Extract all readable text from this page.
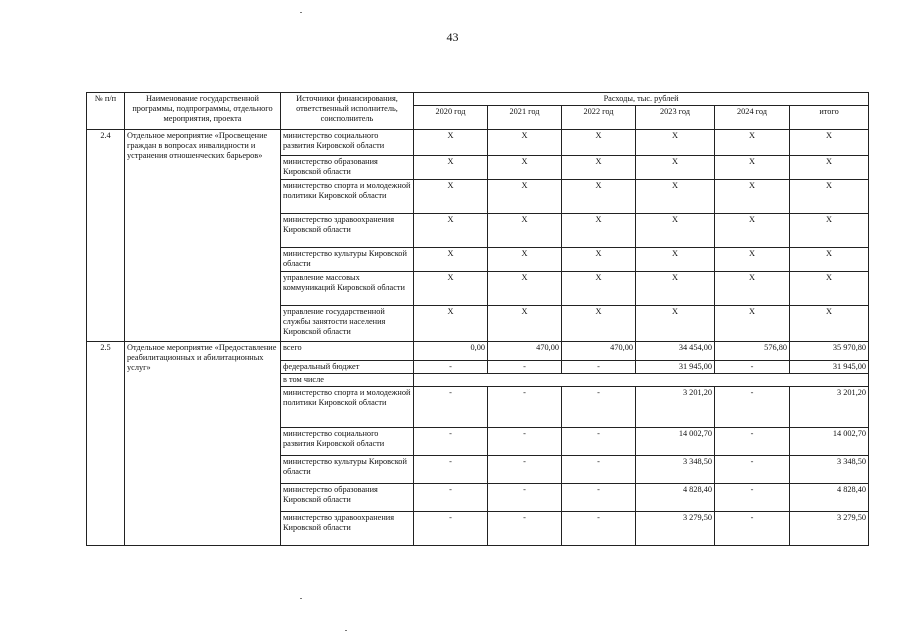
43
№ п/п	Наименование государственной программы, подпрограммы, отдельного мероприятия, проекта	Источники финансирования, ответственный исполнитель, соисполнитель	Расходы, тыс. рублей					
			2020 год	2021 год	2022 год	2023 год	2024 год	итого
2.4	Отдельное мероприятие «Просвещение граждан в вопросах инвалидности и устранения отношенческих барьеров»	министерство социального развития Кировской области	Х	Х	Х	Х	Х	Х
		министерство образования Кировской области	Х	Х	Х	Х	Х	Х
		министерство спорта и молодежной политики Кировской области	Х	Х	Х	Х	Х	Х
		министерство здравоохранения Кировской области	Х	Х	Х	Х	Х	Х
		министерство культуры Кировской области	Х	Х	Х	Х	Х	Х
		управление массовых коммуникаций Кировской области	Х	Х	Х	Х	Х	Х
		управление государственной службы занятости населения Кировской области	Х	Х	Х	Х	Х	Х
2.5	Отдельное мероприятие «Предоставление реабилитационных и абилитационных услуг»	всего	0,00	470,00	470,00	34 454,00	576,80	35 970,80
		федеральный бюджет	-	-	-	31 945,00	-	31 945,00
		в том числе						
		министерство спорта и молодежной политики Кировской области	-	-	-	3 201,20	-	3 201,20
		министерство социального развития Кировской области	-	-	-	14 002,70	-	14 002,70
		министерство культуры Кировской области	-	-	-	3 348,50	-	3 348,50
		министерство образования Кировской области	-	-	-	4 828,40	-	4 828,40
		министерство здравоохранения Кировской области	-	-	-	3 279,50	-	3 279,50
